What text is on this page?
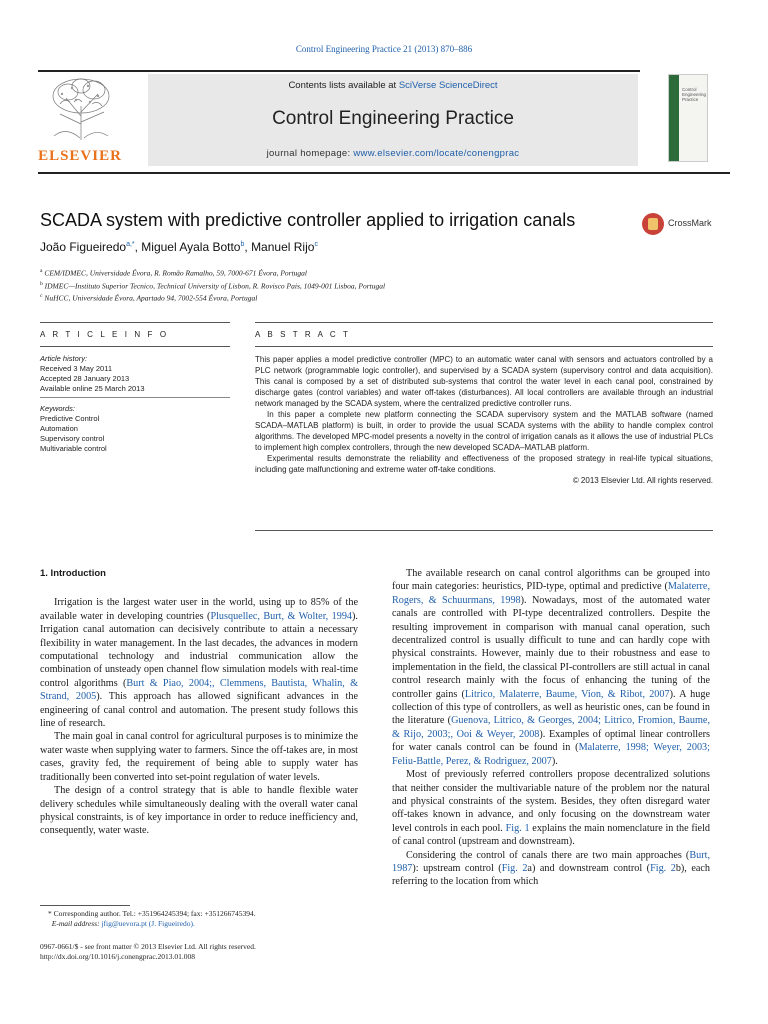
Control Engineering Practice 21 (2013) 870–886
ELSEVIER
Contents lists available at SciVerse ScienceDirect
Control Engineering Practice
journal homepage: www.elsevier.com/locate/conengprac
Control Engineering Practice
SCADA system with predictive controller applied to irrigation canals	CrossMark
João Figueiredo$^{a,*}$, Miguel Ayala Botto$^b$, Manuel Rijo$^c$
$^a$ CEM/IDMEC, Universidade Évora, R. Romão Ramalho, 59, 7000-671 Évora, Portugal
$^b$ IDMEC—Instituto Superior Tecnico, Technical University of Lisbon, R. Rovisco Pais, 1049-001 Lisboa, Portugal
$^c$ NuHCC, Universidade Évora, Apartado 94, 7002-554 Évora, Portugal
A R T I C L E I N F O	A B S T R A C T
Article history:
Received 3 May 2011
Accepted 28 January 2013
Available online 25 March 2013
Keywords:
Predictive Control
Automation
Supervisory control
Multivariable control

This paper applies a model predictive controller (MPC) to an automatic water canal with sensors and actuators controlled by a PLC network (programmable logic controller), and supervised by a SCADA system (supervisory control and data acquisition). This canal is composed by a set of distributed sub-systems that control the water level in each canal pool, constrained by discharge gates (control variables) and water off-takes (disturbances). All local controllers are available through an industrial network managed by the SCADA system, where the centralized predictive controller runs.

In this paper a complete new platform connecting the SCADA supervisory system and the MATLAB software (named SCADA–MATLAB platform) is built, in order to provide the usual SCADA systems with the ability to handle complex control algorithms. The developed MPC-model presents a novelty in the control of irrigation canals as it allows the use of industrial PLCs to implement high complex controllers, through the new developed SCADA–MATLAB platform.

Experimental results demonstrate the reliability and effectiveness of the proposed strategy in real-life typical situations, including gate malfunctioning and extreme water off-take conditions.

© 2013 Elsevier Ltd. All rights reserved.

1. Introduction

Irrigation is the largest water user in the world, using up to 85% of the available water in developing countries (Plusquellec, Burt, & Wolter, 1994). Irrigation canal automation can decisively contribute to attain a necessary flexibility in water management. In the last decades, the advances in modern computational technology and industrial communication allow the combination of unsteady open channel flow simulation models with real-time control algorithms (Burt & Piao, 2004;, Clemmens, Bautista, Whalin, & Strand, 2005). This approach has allowed significant advances in the engineering of canal control and automation. The present study follows this line of research.

The main goal in canal control for agricultural purposes is to minimize the water waste when supplying water to farmers. Since the off-takes are, in most cases, gravity fed, the requirement of being able to supply water has traditionally been converted into set-point regulation of water levels.

The design of a control strategy that is able to handle flexible water delivery schedules while simultaneously dealing with the overall water canal physical constraints, is of key importance in order to reduce inefficiency and, consequently, water waste.

The available research on canal control algorithms can be grouped into four main categories: heuristics, PID-type, optimal and predictive (Malaterre, Rogers, & Schuurmans, 1998). Nowadays, most of the automated water canals are controlled with PI-type decentralized controllers. Despite the resulting improvement in comparison with manual canal operation, such decentralized control is usually difficult to tune and can hardly cope with physical constraints. However, mainly due to their robustness and ease to implementation in the field, the classical PI-controllers are still actual in canal control research mainly with the focus of enhancing the tuning of the controller gains (Litrico, Malaterre, Baume, Vion, & Ribot, 2007). A huge collection of this type of controllers, as well as heuristic ones, can be found in the literature (Guenova, Litrico, & Georges, 2004; Litrico, Fromion, Baume, & Rijo, 2003;, Ooi & Weyer, 2008). Examples of optimal linear controllers for water canals control can be found in (Malaterre, 1998; Weyer, 2003; Feliu-Battle, Perez, & Rodriguez, 2007).

Most of previously referred controllers propose decentralized solutions that neither consider the multivariable nature of the problem nor the natural and physical constraints of the system. Besides, they often disregard water off-takes known in advance, and only focusing on the downstream water level controls in each pool. Fig. 1 explains the main nomenclature in the field of canal control (upstream and downstream).

Considering the control of canals there are two main approaches (Burt, 1987): upstream control (Fig. 2a) and downstream control (Fig. 2b), each referring to the location from which

* Corresponding author. Tel.: +351964245394; fax: +351266745394.
E-mail address: jfig@uevora.pt (J. Figueiredo).
0967-0661/$ - see front matter © 2013 Elsevier Ltd. All rights reserved.
http://dx.doi.org/10.1016/j.conengprac.2013.01.008
